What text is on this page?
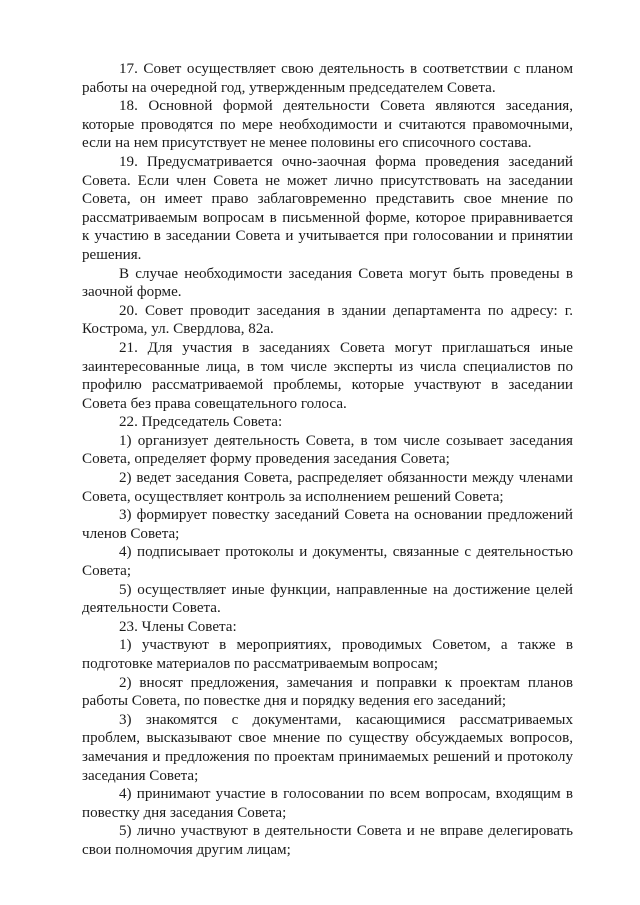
17. Совет осуществляет свою деятельность в соответствии с планом работы на очередной год, утвержденным председателем Совета.

18. Основной формой деятельности Совета являются заседания, которые проводятся по мере необходимости и считаются правомочными, если на нем присутствует не менее половины его списочного состава.

19. Предусматривается очно-заочная форма проведения заседаний Совета. Если член Совета не может лично присутствовать на заседании Совета, он имеет право заблаговременно представить свое мнение по рассматриваемым вопросам в письменной форме, которое приравнивается к участию в заседании Совета и учитывается при голосовании и принятии решения.

В случае необходимости заседания Совета могут быть проведены в заочной форме.

20. Совет проводит заседания в здании департамента по адресу: г. Кострома, ул. Свердлова, 82а.

21. Для участия в заседаниях Совета могут приглашаться иные заинтересованные лица, в том числе эксперты из числа специалистов по профилю рассматриваемой проблемы, которые участвуют в заседании Совета без права совещательного голоса.

22. Председатель Совета:

1) организует деятельность Совета, в том числе созывает заседания Совета, определяет форму проведения заседания Совета;

2) ведет заседания Совета, распределяет обязанности между членами Совета, осуществляет контроль за исполнением решений Совета;

3) формирует повестку заседаний Совета на основании предложений членов Совета;

4) подписывает протоколы и документы, связанные с деятельностью Совета;

5) осуществляет иные функции, направленные на достижение целей деятельности Совета.

23. Члены Совета:

1) участвуют в мероприятиях, проводимых Советом, а также в подготовке материалов по рассматриваемым вопросам;

2) вносят предложения, замечания и поправки к проектам планов работы Совета, по повестке дня и порядку ведения его заседаний;

3) знакомятся с документами, касающимися рассматриваемых проблем, высказывают свое мнение по существу обсуждаемых вопросов, замечания и предложения по проектам принимаемых решений и протоколу заседания Совета;

4) принимают участие в голосовании по всем вопросам, входящим в повестку дня заседания Совета;

5) лично участвуют в деятельности Совета и не вправе делегировать свои полномочия другим лицам;
